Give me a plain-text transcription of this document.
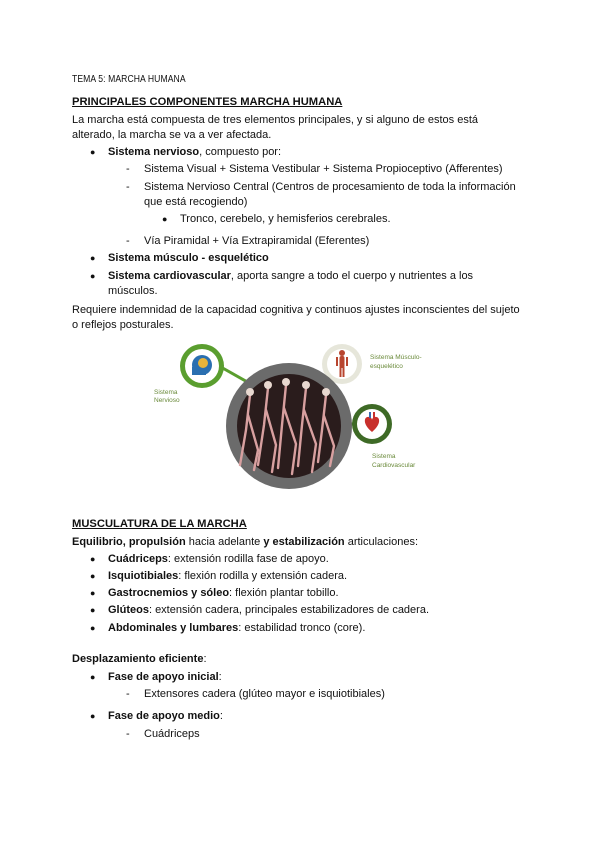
TEMA 5: MARCHA HUMANA
PRINCIPALES COMPONENTES MARCHA HUMANA
La marcha está compuesta de tres elementos principales, y si alguno de estos está
alterado, la marcha se va a ver afectada.
● Sistema nervioso, compuesto por:
- Sistema Visual + Sistema Vestibular + Sistema Propioceptivo (Afferentes)
- Sistema Nervioso Central (Centros de procesamiento de toda la información
que está recogiendo)
● Tronco, cerebelo, y hemisferios cerebrales.
- Vía Piramidal + Vía Extrapiramidal (Eferentes)
● Sistema músculo - esquelético
● Sistema cardiovascular, aporta sangre a todo el cuerpo y nutrientes a los
músculos.
Requiere indemnidad de la capacidad cognitiva y continuos ajustes inconscientes del sujeto
o reflejos posturales.
Sistema
Nervioso
Sistema Músculo-
esquelético
Sistema
Cardiovascular
MUSCULATURA DE LA MARCHA
Equilibrio, propulsión hacia adelante y estabilización articulaciones:
● Cuádriceps: extensión rodilla fase de apoyo.
● Isquiotibiales: flexión rodilla y extensión cadera.
● Gastrocnemios y sóleo: flexión plantar tobillo.
● Glúteos: extensión cadera, principales estabilizadores de cadera.
● Abdominales y lumbares: estabilidad tronco (core).
Desplazamiento eficiente:
● Fase de apoyo inicial:
- Extensores cadera (glúteo mayor e isquiotibiales)
● Fase de apoyo medio:
- Cuádriceps
